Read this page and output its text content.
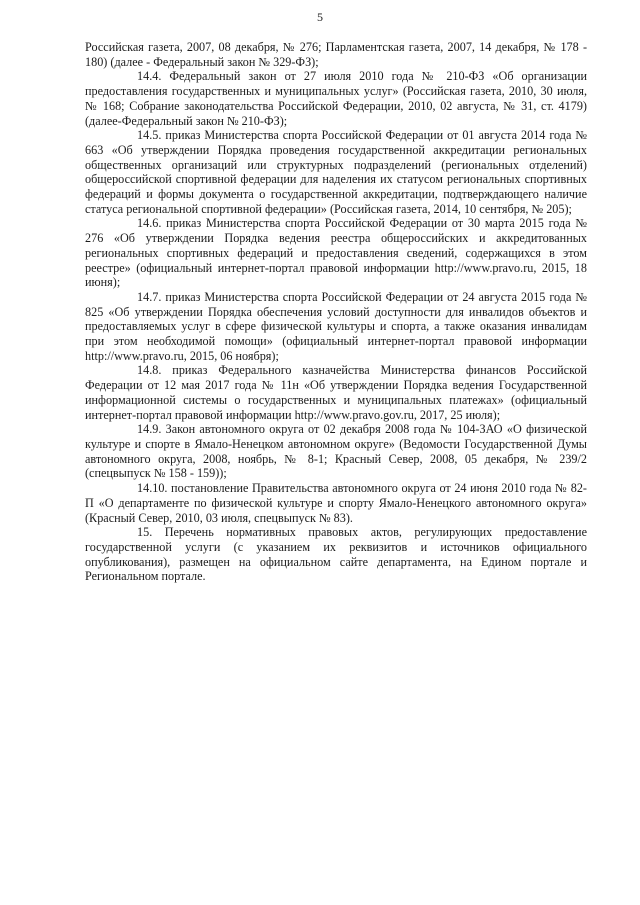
5

Российская газета, 2007, 08 декабря, № 276; Парламентская газета, 2007, 14 декабря, № 178 - 180) (далее - Федеральный закон № 329-ФЗ);

14.4. Федеральный закон от 27 июля 2010 года № 210-ФЗ «Об организации предоставления государственных и муниципальных услуг» (Российская газета, 2010, 30 июля, № 168; Собрание законодательства Российской Федерации, 2010, 02 августа, № 31, ст. 4179) (далее-Федеральный закон № 210-ФЗ);

14.5. приказ Министерства спорта Российской Федерации от 01 августа 2014 года № 663 «Об утверждении Порядка проведения государственной аккредитации региональных общественных организаций или структурных подразделений (региональных отделений) общероссийской спортивной федерации для наделения их статусом региональных спортивных федераций и формы документа о государственной аккредитации, подтверждающего наличие статуса региональной спортивной федерации» (Российская газета, 2014, 10 сентября, № 205);

14.6. приказ Министерства спорта Российской Федерации от 30 марта 2015 года № 276 «Об утверждении Порядка ведения реестра общероссийских и аккредитованных региональных спортивных федераций и предоставления сведений, содержащихся в этом реестре» (официальный интернет-портал правовой информации http://www.pravo.ru, 2015, 18 июня);

14.7. приказ Министерства спорта Российской Федерации от 24 августа 2015 года № 825 «Об утверждении Порядка обеспечения условий доступности для инвалидов объектов и предоставляемых услуг в сфере физической культуры и спорта, а также оказания инвалидам при этом необходимой помощи» (официальный интернет-портал правовой информации http://www.pravo.ru, 2015, 06 ноября);

14.8. приказ Федерального казначейства Министерства финансов Российской Федерации от 12 мая 2017 года № 11н «Об утверждении Порядка ведения Государственной информационной системы о государственных и муниципальных платежах» (официальный интернет-портал правовой информации http://www.pravo.gov.ru, 2017, 25 июля);

14.9. Закон автономного округа от 02 декабря 2008 года № 104-ЗАО «О физической культуре и спорте в Ямало-Ненецком автономном округе» (Ведомости Государственной Думы автономного округа, 2008, ноябрь, № 8-1; Красный Север, 2008, 05 декабря, № 239/2 (спецвыпуск № 158 - 159));

14.10. постановление Правительства автономного округа от 24 июня 2010 года № 82-П «О департаменте по физической культуре и спорту Ямало-Ненецкого автономного округа» (Красный Север, 2010, 03 июля, спецвыпуск № 83).

15. Перечень нормативных правовых актов, регулирующих предоставление государственной услуги (с указанием их реквизитов и источников официального опубликования), размещен на официальном сайте департамента, на Едином портале и Региональном портале.
